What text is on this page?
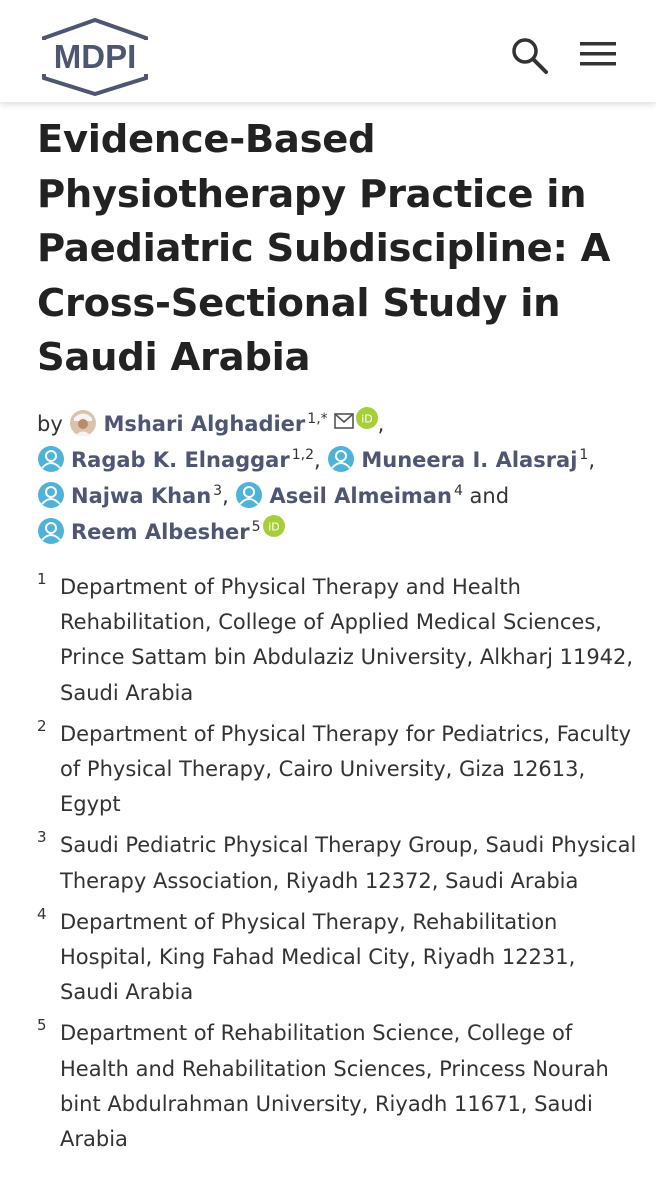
MDPI
Evidence-Based Physiotherapy Practice in Paediatric Subdiscipline: A Cross-Sectional Study in Saudi Arabia
by Mshari Alghadier $^{1,*}$	iD ,
Ragab K. Elnaggar $^{1,2}$, Muneera I. Alasraj $^1$,
Najwa Khan $^3$, Aseil Almeiman $^4$ and
Reem Albesher $^5$ iD
1 Department of Physical Therapy and Health Rehabilitation, College of Applied Medical Sciences, Prince Sattam bin Abdulaziz University, Alkharj 11942, Saudi Arabia
2 Department of Physical Therapy for Pediatrics, Faculty of Physical Therapy, Cairo University, Giza 12613, Egypt
3 Saudi Pediatric Physical Therapy Group, Saudi Physical Therapy Association, Riyadh 12372, Saudi Arabia
4 Department of Physical Therapy, Rehabilitation Hospital, King Fahad Medical City, Riyadh 12231, Saudi Arabia
5 Department of Rehabilitation Science, College of Health and Rehabilitation Sciences, Princess Nourah bint Abdulrahman University, Riyadh 11671, Saudi Arabia
